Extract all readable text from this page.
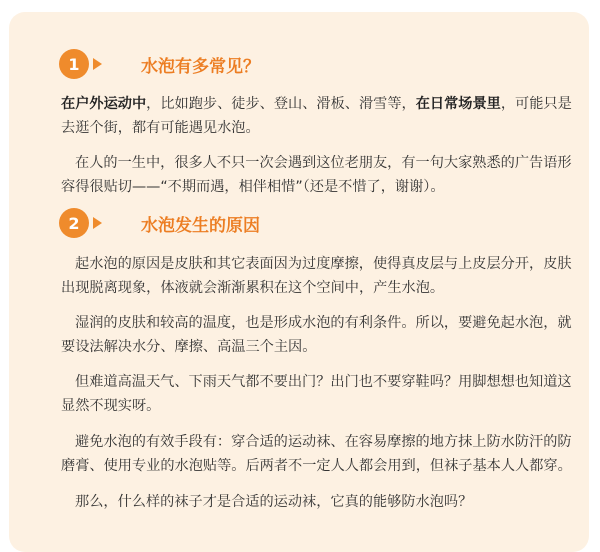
1	水泡有多常见？
在户外运动中，比如跑步、徒步、登山、滑板、滑雪等，在日常场景里，可能只是去逛个街，都有可能遇见水泡。
在人的一生中，很多人不只一次会遇到这位老朋友，有一句大家熟悉的广告语形容得很贴切——“不期而遇，相伴相惜”（还是不惜了，谢谢）。
2	水泡发生的原因
起水泡的原因是皮肤和其它表面因为过度摩擦，使得真皮层与上皮层分开，皮肤出现脱离现象，体液就会渐渐累积在这个空间中，产生水泡。
湿润的皮肤和较高的温度，也是形成水泡的有利条件。所以，要避免起水泡，就要设法解决水分、摩擦、高温三个主因。
但难道高温天气、下雨天气都不要出门？出门也不要穿鞋吗？用脚想想也知道这显然不现实呀。
避免水泡的有效手段有：穿合适的运动袜、在容易摩擦的地方抹上防水防汗的防磨膏、使用专业的水泡贴等。后两者不一定人人都会用到，但袜子基本人人都穿。
那么，什么样的袜子才是合适的运动袜，它真的能够防水泡吗？
